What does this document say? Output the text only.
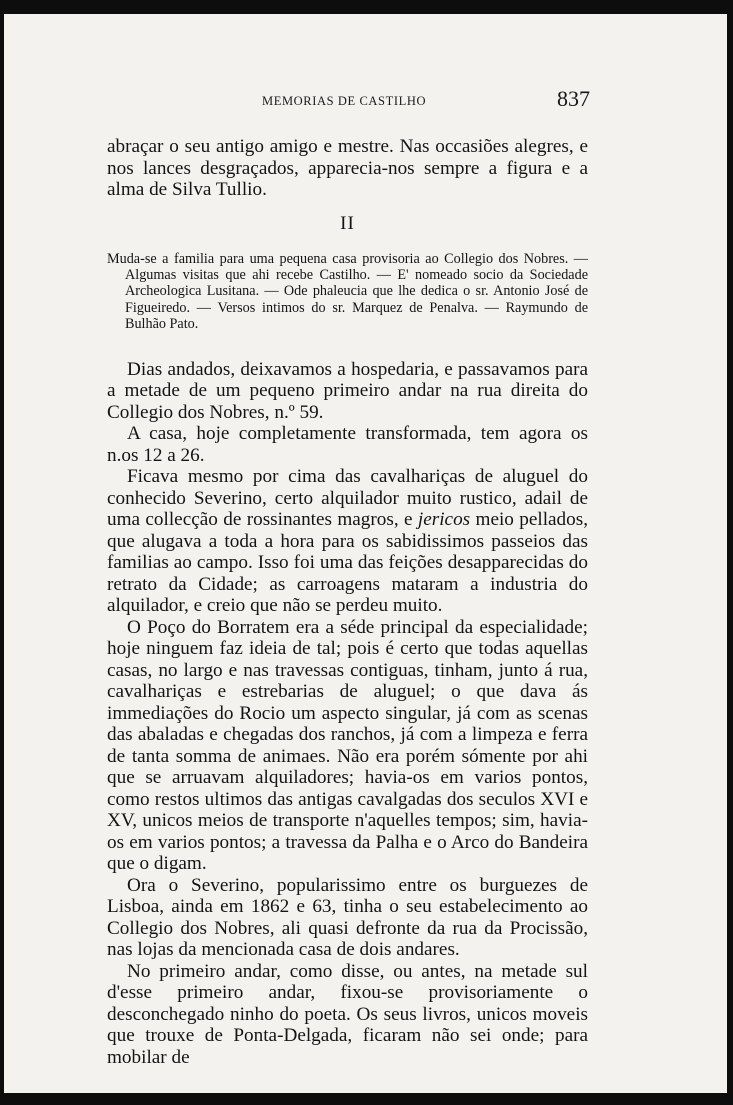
MEMORIAS DE CASTILHO	837

abraçar o seu antigo amigo e mestre. Nas occasiões alegres, e nos lances desgraçados, apparecia-nos sempre a figura e a alma de Silva Tullio.

II

Muda-se a familia para uma pequena casa provisoria ao Collegio dos Nobres. — Algumas visitas que ahi recebe Castilho. — E' nomeado socio da Sociedade Archeologica Lusitana. — Ode phaleucia que lhe dedica o sr. Antonio José de Figueiredo. — Versos intimos do sr. Marquez de Penalva. — Raymundo de Bulhão Pato.

Dias andados, deixavamos a hospedaria, e passavamos para a metade de um pequeno primeiro andar na rua direita do Collegio dos Nobres, n.º 59.

A casa, hoje completamente transformada, tem agora os n.os 12 a 26.

Ficava mesmo por cima das cavalhariças de aluguel do conhecido Severino, certo alquilador muito rustico, adail de uma collecção de rossinantes magros, e jericos meio pellados, que alugava a toda a hora para os sabidissimos passeios das familias ao campo. Isso foi uma das feições desapparecidas do retrato da Cidade; as carroagens mataram a industria do alquilador, e creio que não se perdeu muito.

O Poço do Borratem era a séde principal da especialidade; hoje ninguem faz ideia de tal; pois é certo que todas aquellas casas, no largo e nas travessas contiguas, tinham, junto á rua, cavalhariças e estrebarias de aluguel; o que dava ás immediações do Rocio um aspecto singular, já com as scenas das abaladas e chegadas dos ranchos, já com a limpeza e ferra de tanta somma de animaes. Não era porém sómente por ahi que se arruavam alquiladores; havia-os em varios pontos, como restos ultimos das antigas cavalgadas dos seculos XVI e XV, unicos meios de transporte n'aquelles tempos; sim, havia-os em varios pontos; a travessa da Palha e o Arco do Bandeira que o digam.

Ora o Severino, popularissimo entre os burguezes de Lisboa, ainda em 1862 e 63, tinha o seu estabelecimento ao Collegio dos Nobres, ali quasi defronte da rua da Procissão, nas lojas da mencionada casa de dois andares.

No primeiro andar, como disse, ou antes, na metade sul d'esse primeiro andar, fixou-se provisoriamente o desconchegado ninho do poeta. Os seus livros, unicos moveis que trouxe de Ponta-Delgada, ficaram não sei onde; para mobilar de
